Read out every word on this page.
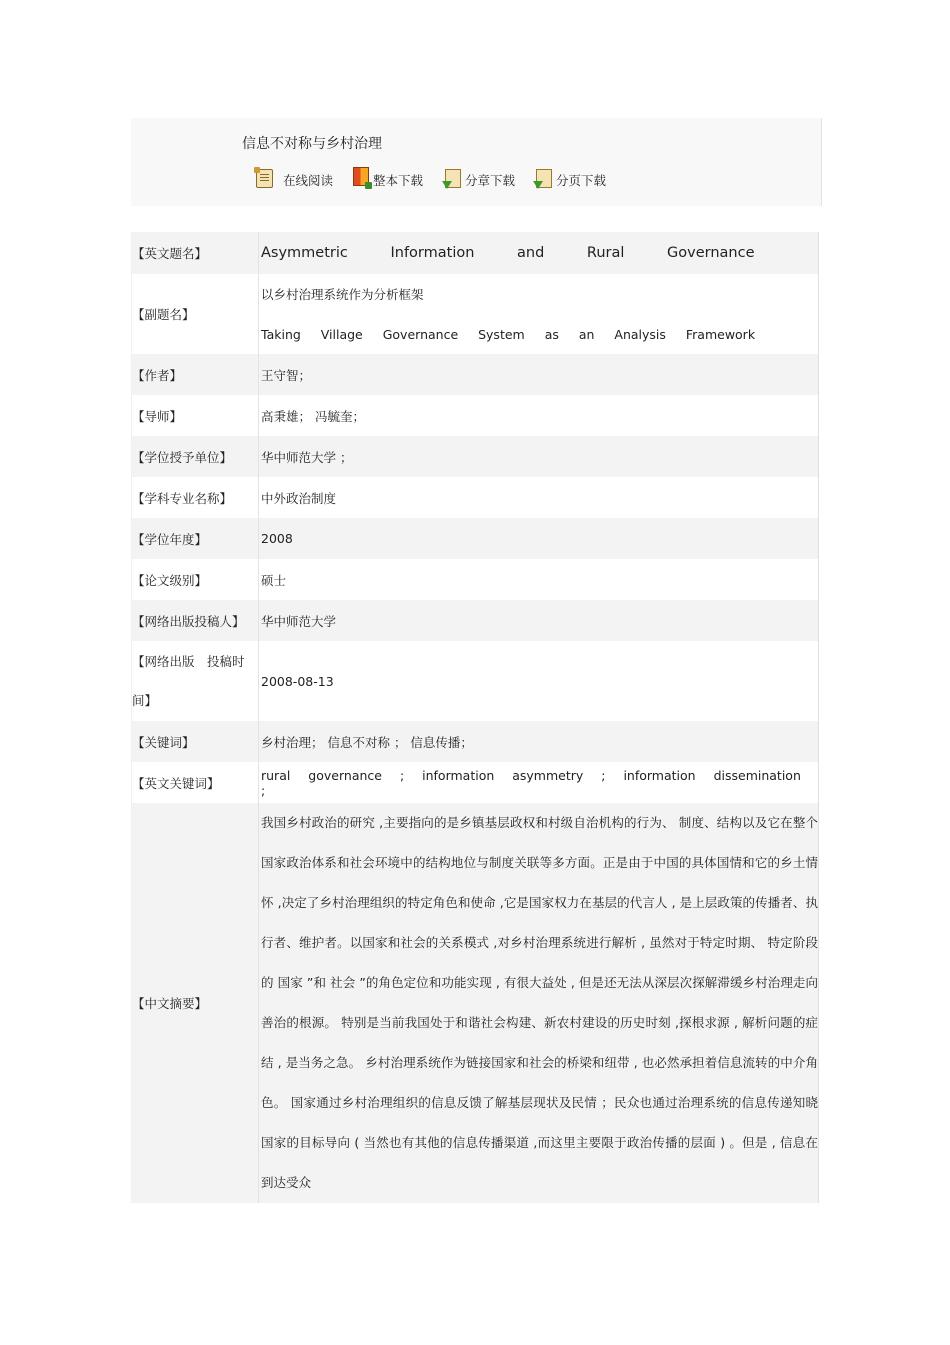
信息不对称与乡村治理
在线阅读	整本下载	分章下载	分页下载
【英文题名】	Asymmetric Information and Rural Governance
【副题名】	以乡村治理系统作为分析框架
Taking Village Governance System as an Analysis Framework

【作者】	王守智；
【导师】	高秉雄； 冯毓奎；
【学位授予单位】	华中师范大学 ；
【学科专业名称】	中外政治制度
【学位年度】	2008
【论文级别】	硕士
【网络出版投稿人】	华中师范大学

【网络出版　投稿时
间】	2008-08-13
【关键词】	乡村治理； 信息不对称 ； 信息传播；
【英文关键词】	rural governance ; information asymmetry ; information dissemination ;
【中文摘要】	我国乡村政治的研究 ,主要指向的是乡镇基层政权和村级自治机构的行为、 制度、结构以及它在整个国家政治体系和社会环境中的结构地位与制度关联等多方面。正是由于中国的具体国情和它的乡土情怀 ,决定了乡村治理组织的特定角色和使命 ,它是国家权力在基层的代言人 , 是上层政策的传播者、执行者、维护者。以国家和社会的关系模式 ,对乡村治理系统进行解析 , 虽然对于特定时期、 特定阶段的 国家 ”和 社会 ”的角色定位和功能实现 , 有很大益处 , 但是还无法从深层次探解滞缓乡村治理走向善治的根源。 特别是当前我国处于和谐社会构建、新农村建设的历史时刻 ,探根求源 , 解析问题的症结 , 是当务之急。 乡村治理系统作为链接国家和社会的桥梁和纽带 , 也必然承担着信息流转的中介角色。 国家通过乡村治理组织的信息反馈了解基层现状及民情 ；民众也通过治理系统的信息传递知晓国家的目标导向 ( 当然也有其他的信息传播渠道 ,而这里主要限于政治传播的层面 ) 。但是 , 信息在到达受众
